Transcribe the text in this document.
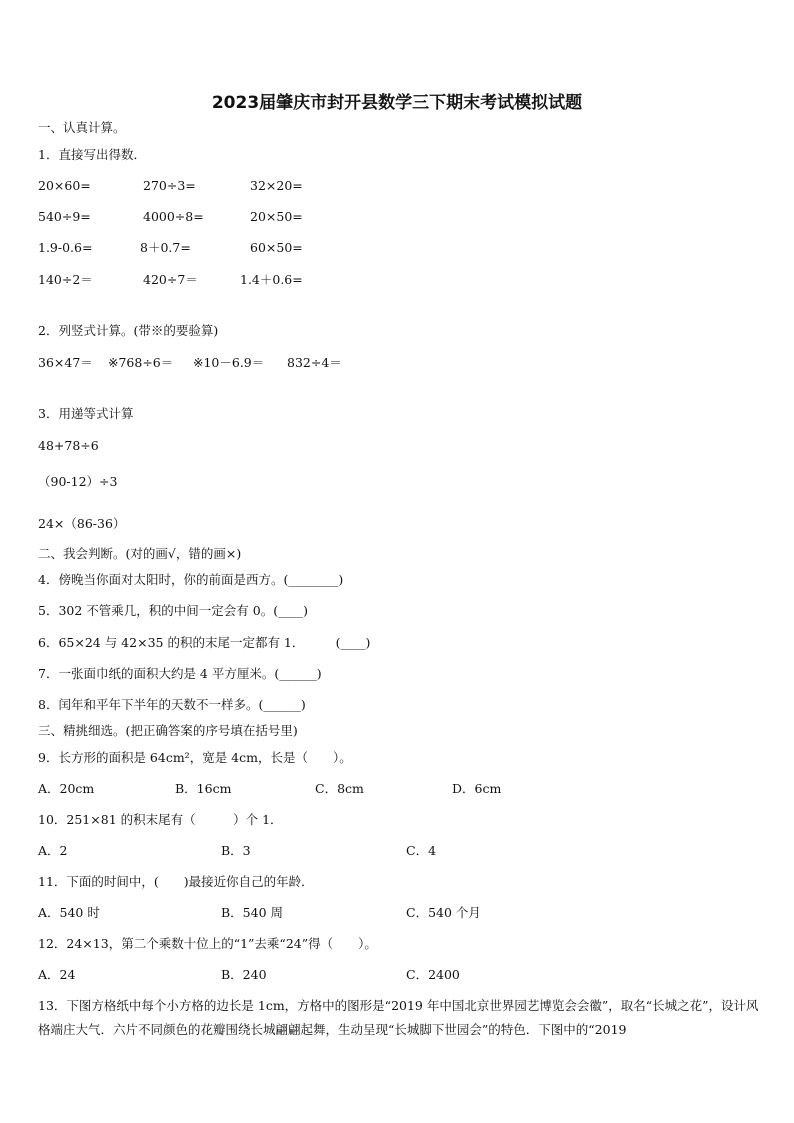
2023届肇庆市封开县数学三下期末考试模拟试题
一、认真计算。
1．直接写出得数．
20×60=	270÷3=	32×20=
540÷9=	4000÷8=	20×50=
1.9-0.6=	8＋0.7=	60×50=
140÷2＝	420÷7＝	1.4＋0.6=
2．列竖式计算。(带※的要验算)
36×47＝ ※768÷6＝ ※10－6.9＝ 832÷4＝
3．用递等式计算
48+78÷6
（90-12）÷3
24×（86-36）
二、我会判断。(对的画√，错的画×)
4．傍晚当你面对太阳时，你的前面是西方。(________)
5．302 不管乘几，积的中间一定会有 0。(____)
6．65×24 与 42×35 的积的末尾一定都有 1．　　　(____)
7．一张面巾纸的面积大约是 4 平方厘米。(______)
8．闰年和平年下半年的天数不一样多。(______)
三、精挑细选。(把正确答案的序号填在括号里)
9．长方形的面积是 64cm²，宽是 4cm，长是（　　）。
A．20cm	B．16cm	C．8cm	D．6cm
10．251×81 的积末尾有（　　　）个 1．
A．2	B．3	C．4
11．下面的时间中，(　　)最接近你自己的年龄．
A．540 时	B．540 周	C．540 个月
12．24×13，第二个乘数十位上的“1”去乘“24”得（　　）。
A．24	B．240	C．2400
13．下图方格纸中每个小方格的边长是 1cm，方格中的图形是“2019 年中国北京世界园艺博览会会徽”，取名“长城之花”，设计风格端庄大气．六片不同颜色的花瓣围绕长城翩翩起舞，生动呈现“长城脚下世园会”的特色．下图中的“2019
